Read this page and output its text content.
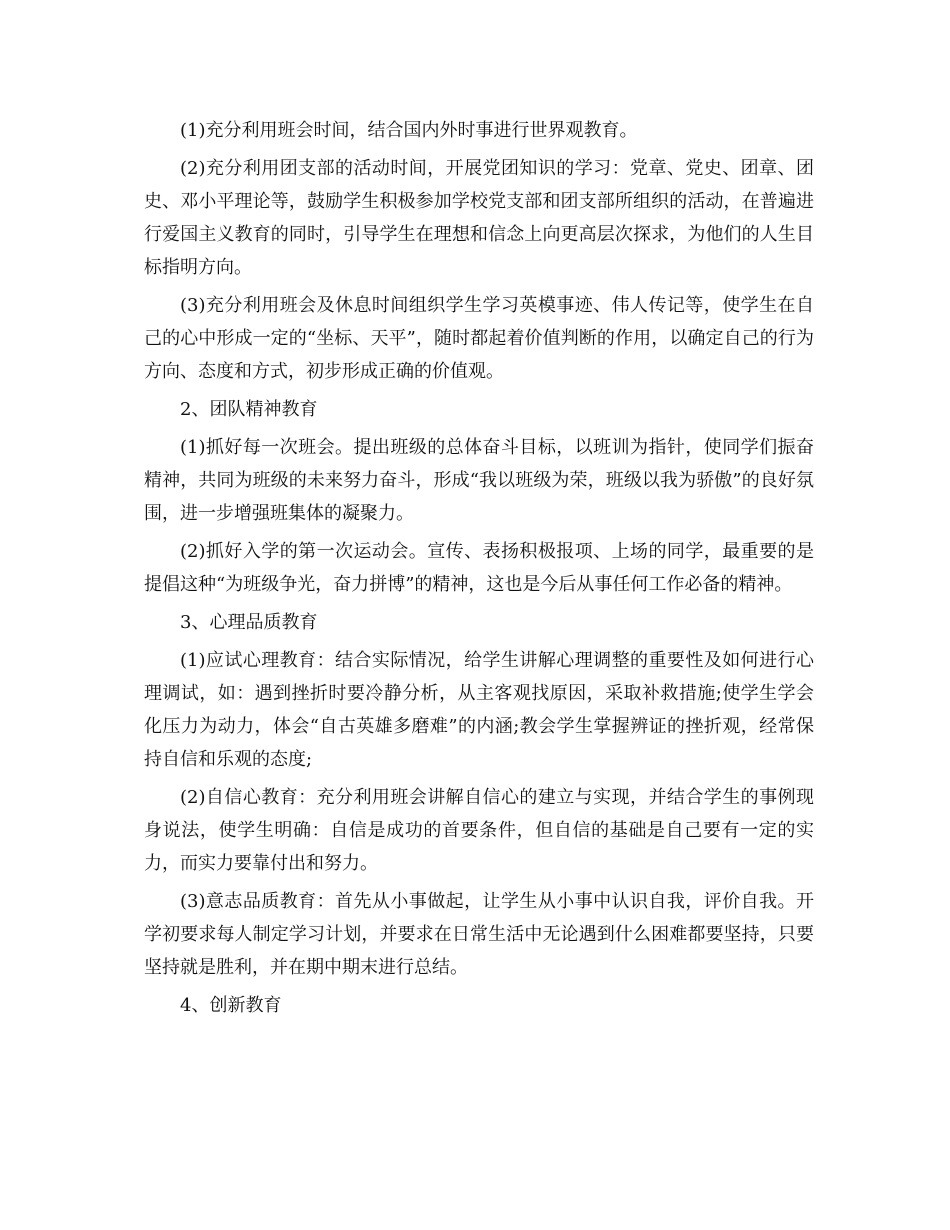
(1)充分利用班会时间，结合国内外时事进行世界观教育。

(2)充分利用团支部的活动时间，开展党团知识的学习：党章、党史、团章、团史、邓小平理论等，鼓励学生积极参加学校党支部和团支部所组织的活动，在普遍进行爱国主义教育的同时，引导学生在理想和信念上向更高层次探求，为他们的人生目标指明方向。

(3)充分利用班会及休息时间组织学生学习英模事迹、伟人传记等，使学生在自己的心中形成一定的“坐标、天平”，随时都起着价值判断的作用，以确定自己的行为方向、态度和方式，初步形成正确的价值观。

2、团队精神教育

(1)抓好每一次班会。提出班级的总体奋斗目标，以班训为指针，使同学们振奋精神，共同为班级的未来努力奋斗，形成“我以班级为荣，班级以我为骄傲”的良好氛围，进一步增强班集体的凝聚力。

(2)抓好入学的第一次运动会。宣传、表扬积极报项、上场的同学，最重要的是提倡这种“为班级争光，奋力拼博”的精神，这也是今后从事任何工作必备的精神。

3、心理品质教育

(1)应试心理教育：结合实际情况，给学生讲解心理调整的重要性及如何进行心理调试，如：遇到挫折时要冷静分析，从主客观找原因，采取补救措施;使学生学会化压力为动力，体会“自古英雄多磨难”的内涵;教会学生掌握辨证的挫折观，经常保持自信和乐观的态度;

(2)自信心教育：充分利用班会讲解自信心的建立与实现，并结合学生的事例现身说法，使学生明确：自信是成功的首要条件，但自信的基础是自己要有一定的实力，而实力要靠付出和努力。

(3)意志品质教育：首先从小事做起，让学生从小事中认识自我，评价自我。开学初要求每人制定学习计划，并要求在日常生活中无论遇到什么困难都要坚持，只要坚持就是胜利，并在期中期末进行总结。

4、创新教育
